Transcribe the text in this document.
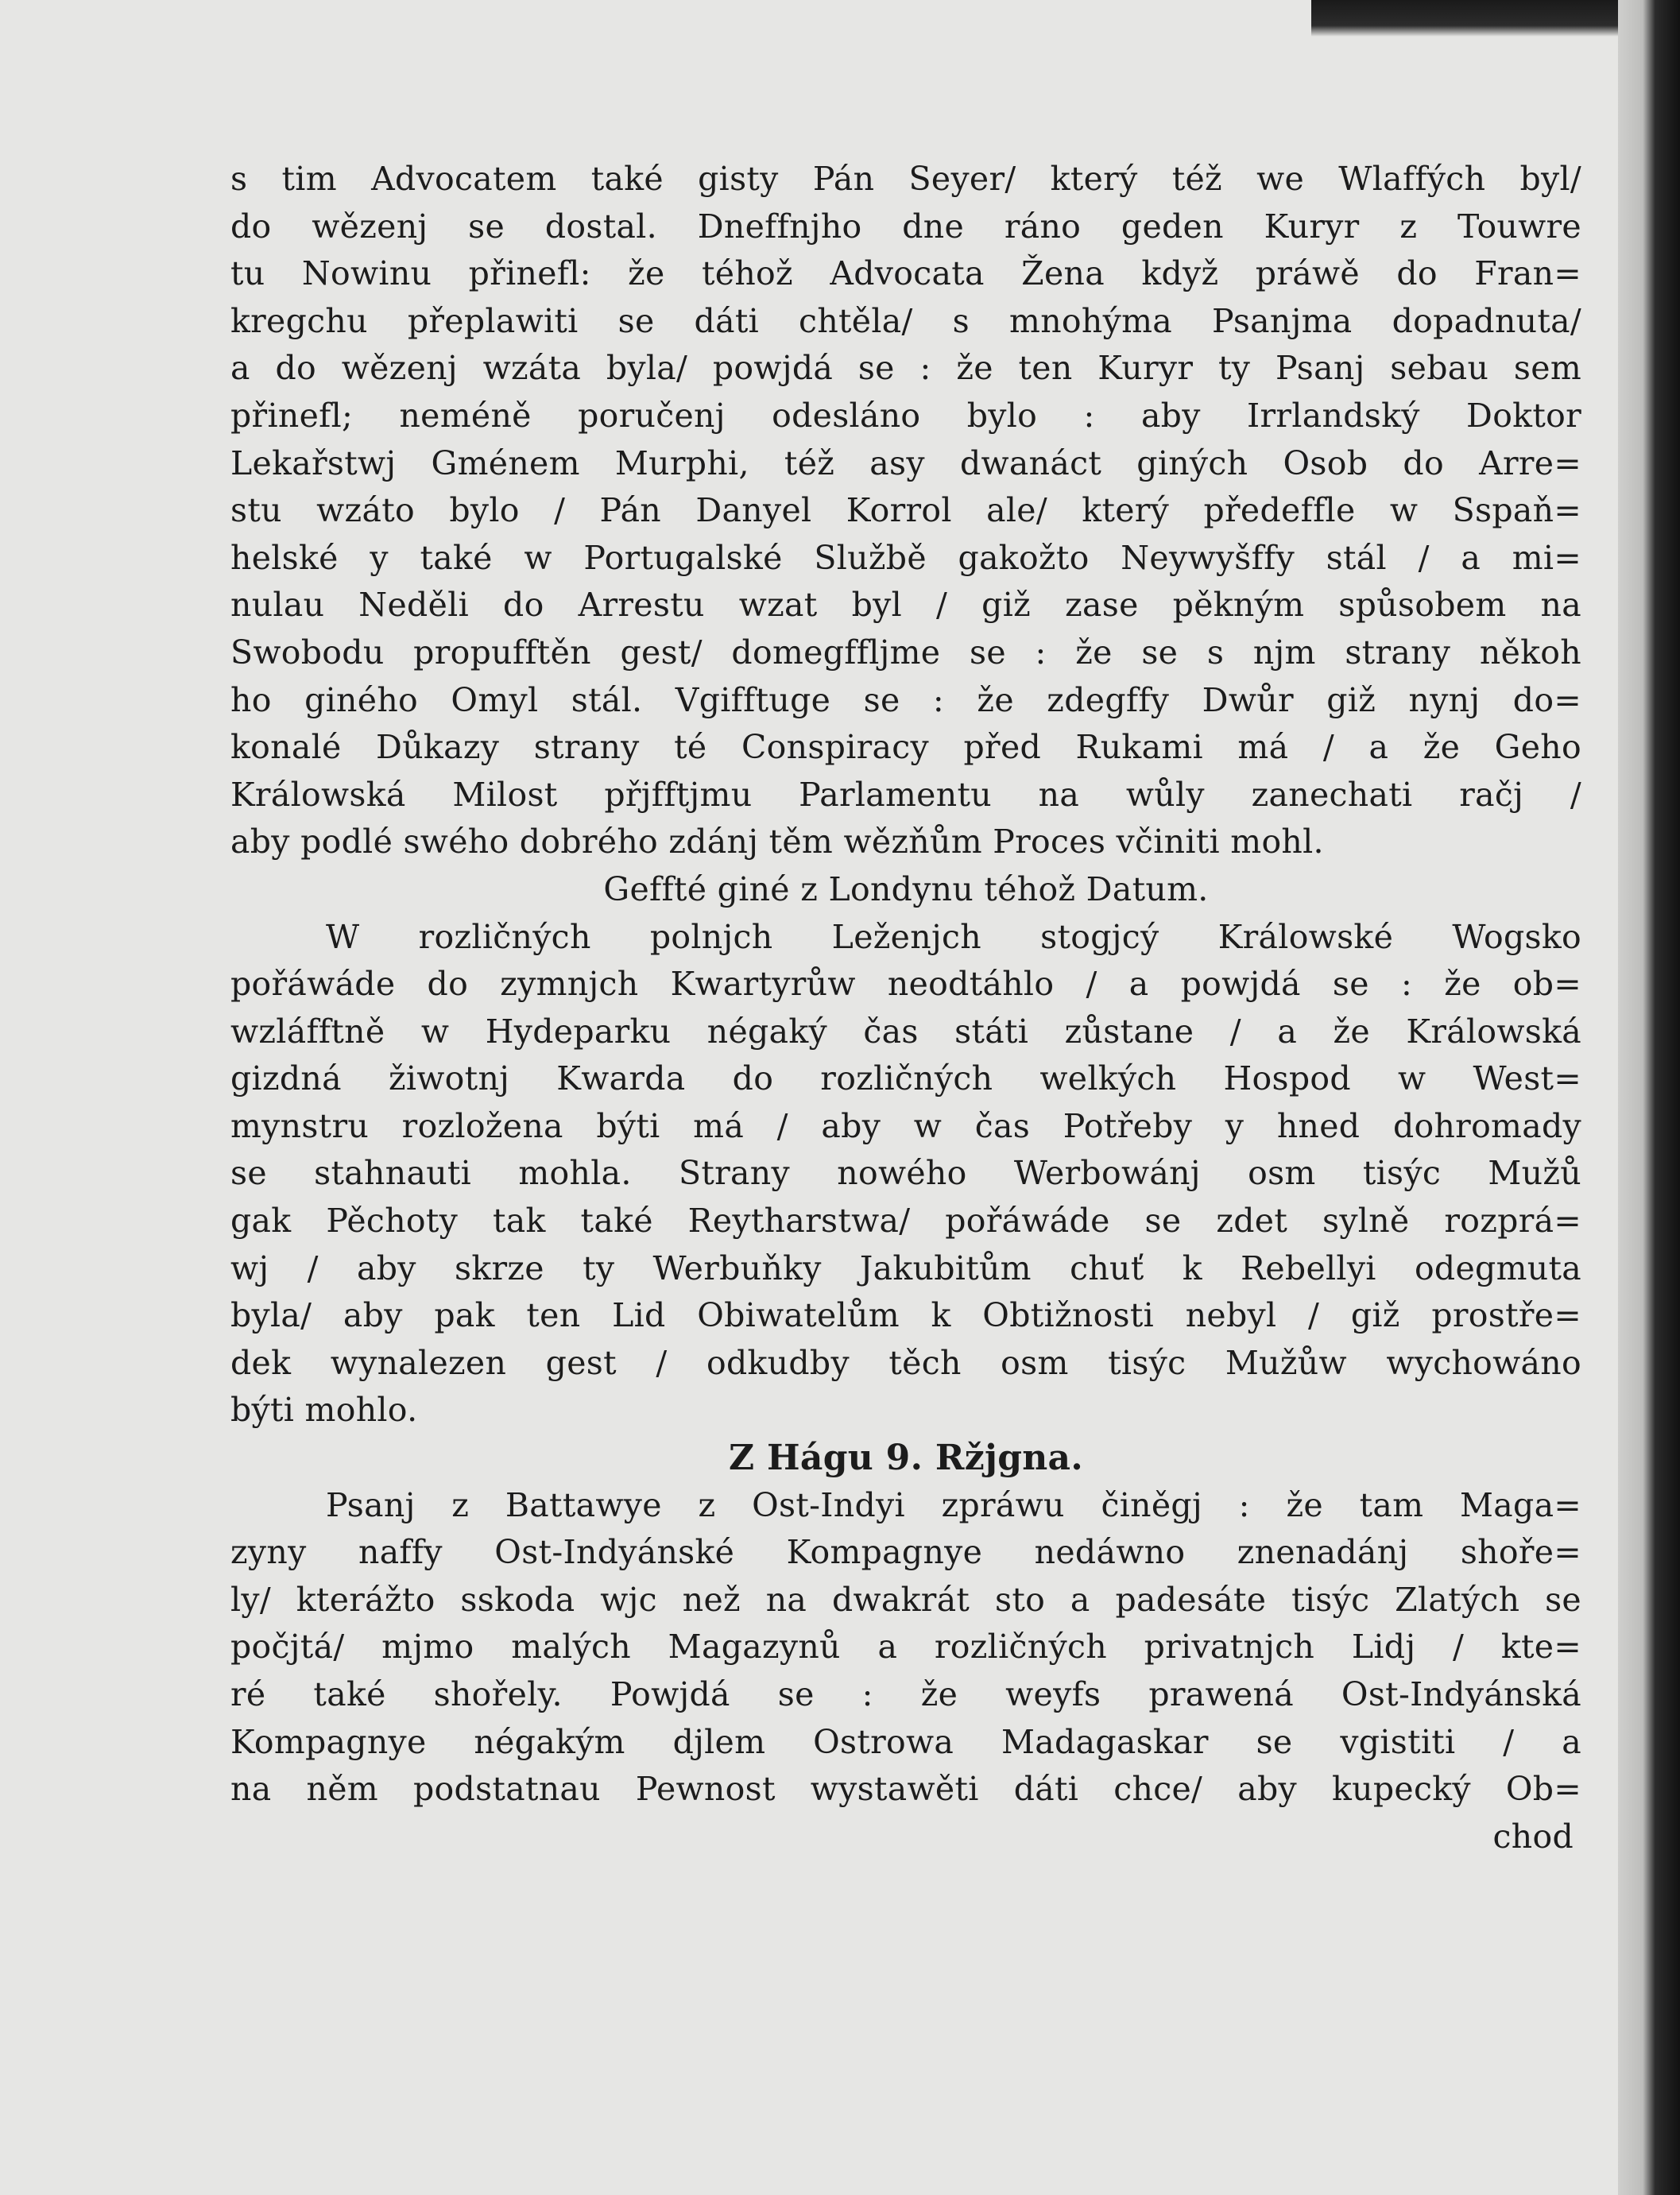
s tim Advocatem také gisty Pán Seyer/ který též we Wlaffých byl/
do wězenj se dostal. Dneffnjho dne ráno geden Kuryr z Touwre
tu Nowinu přinefl: že téhož Advocata Žena když práwě do Fran=
kregchu přeplawiti se dáti chtěla/ s mnohýma Psanjma dopadnuta/
a do wězenj wzáta byla/ powjdá se : že ten Kuryr ty Psanj sebau sem
přinefl; neméně poručenj odesláno bylo : aby Irrlandský Doktor
Lekařstwj Gménem Murphi, též asy dwanáct giných Osob do Arre=
stu wzáto bylo / Pán Danyel Korrol ale/ který předeffle w Sspaň=
helské y také w Portugalské Službě gakožto Neywyšffy stál / a mi=
nulau Neděli do Arrestu wzat byl / giž zase pěkným spůsobem na
Swobodu propufftěn gest/ domegffljme se : že se s njm strany někoh
ho giného Omyl stál. Vgifftuge se : že zdegffy Dwůr giž nynj do=
konalé Důkazy strany té Conspiracy před Rukami má / a že Geho
Králowská Milost přjfftjmu Parlamentu na wůly zanechati račj /
aby podlé swého dobrého zdánj těm wězňům Proces včiniti mohl.
Geffté giné z Londynu téhož Datum.
W rozličných polnjch Leženjch stogjcý Králowské Wogsko
pořáwáde do zymnjch Kwartyrůw neodtáhlo / a powjdá se : že ob=
wzláfftně w Hydeparku négaký čas státi zůstane / a že Králowská
gizdná žiwotnj Kwarda do rozličných welkých Hospod w West=
mynstru rozložena býti má / aby w čas Potřeby y hned dohromady
se stahnauti mohla. Strany nowého Werbowánj osm tisýc Mužů
gak Pěchoty tak také Reytharstwa/ pořáwáde se zdet sylně rozprá=
wj / aby skrze ty Werbuňky Jakubitům chuť k Rebellyi odegmuta
byla/ aby pak ten Lid Obiwatelům k Obtižnosti nebyl / giž prostře=
dek wynalezen gest / odkudby těch osm tisýc Mužůw wychowáno
býti mohlo.
Z Hágu 9. Ržjgna.
Psanj z Battawye z Ost-Indyi zpráwu činěgj : že tam Maga=
zyny naffy Ost-Indyánské Kompagnye nedáwno znenadánj shoře=
ly/ kterážto sskoda wjc než na dwakrát sto a padesáte tisýc Zlatých se
počjtá/ mjmo malých Magazynů a rozličných privatnjch Lidj / kte=
ré také shořely. Powjdá se : že weyfs prawená Ost-Indyánská
Kompagnye négakým djlem Ostrowa Madagaskar se vgistiti / a
na něm podstatnau Pewnost wystawěti dáti chce/ aby kupecký Ob=
chod
